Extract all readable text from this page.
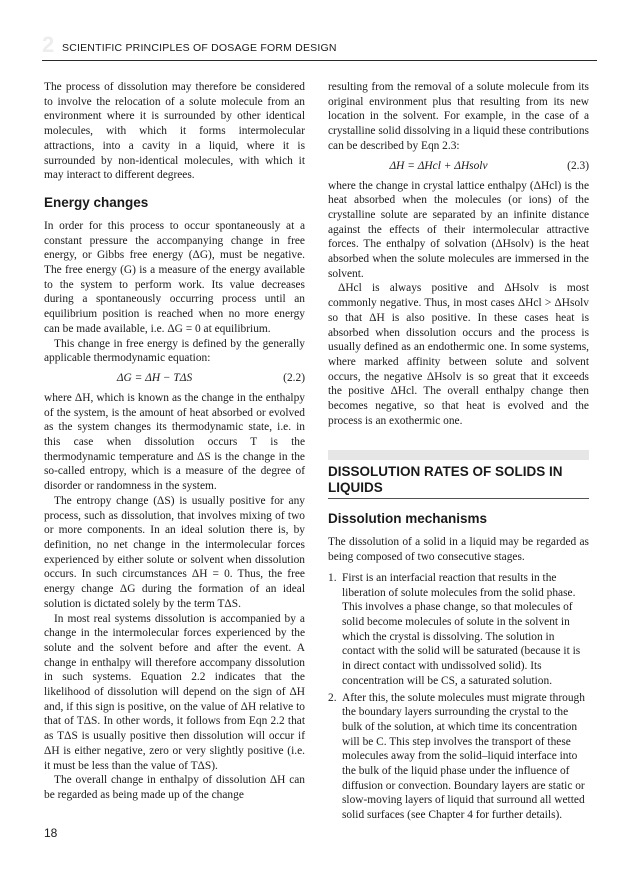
2 SCIENTIFIC PRINCIPLES OF DOSAGE FORM DESIGN

The process of dissolution may therefore be considered to involve the relocation of a solute molecule from an environment where it is surrounded by other identical molecules, with which it forms intermolecular attractions, into a cavity in a liquid, where it is surrounded by non-identical molecules, with which it may interact to different degrees.

Energy changes

In order for this process to occur spontaneously at a constant pressure the accompanying change in free energy, or Gibbs free energy (ΔG), must be negative. The free energy (G) is a measure of the energy available to the system to perform work. Its value decreases during a spontaneously occurring process until an equilibrium position is reached when no more energy can be made available, i.e. ΔG = 0 at equilibrium.

This change in free energy is defined by the generally applicable thermodynamic equation:

ΔG = ΔH − TΔS	(2.2)

where ΔH, which is known as the change in the enthalpy of the system, is the amount of heat absorbed or evolved as the system changes its thermodynamic state, i.e. in this case when dissolution occurs T is the thermodynamic temperature and ΔS is the change in the so-called entropy, which is a measure of the degree of disorder or randomness in the system.

The entropy change (ΔS) is usually positive for any process, such as dissolution, that involves mixing of two or more components. In an ideal solution there is, by definition, no net change in the intermolecular forces experienced by either solute or solvent when dissolution occurs. In such circumstances ΔH = 0. Thus, the free energy change ΔG during the formation of an ideal solution is dictated solely by the term TΔS.

In most real systems dissolution is accompanied by a change in the intermolecular forces experienced by the solute and the solvent before and after the event. A change in enthalpy will therefore accompany dissolution in such systems. Equation 2.2 indicates that the likelihood of dissolution will depend on the sign of ΔH and, if this sign is positive, on the value of ΔH relative to that of TΔS. In other words, it follows from Eqn 2.2 that as TΔS is usually positive then dissolution will occur if ΔH is either negative, zero or very slightly positive (i.e. it must be less than the value of TΔS).

The overall change in enthalpy of dissolution ΔH can be regarded as being made up of the change

resulting from the removal of a solute molecule from its original environment plus that resulting from its new location in the solvent. For example, in the case of a crystalline solid dissolving in a liquid these contributions can be described by Eqn 2.3:

ΔH = ΔHcl + ΔHsolv	(2.3)

where the change in crystal lattice enthalpy (ΔHcl) is the heat absorbed when the molecules (or ions) of the crystalline solute are separated by an infinite distance against the effects of their intermolecular attractive forces. The enthalpy of solvation (ΔHsolv) is the heat absorbed when the solute molecules are immersed in the solvent.

ΔHcl is always positive and ΔHsolv is most commonly negative. Thus, in most cases ΔHcl > ΔHsolv so that ΔH is also positive. In these cases heat is absorbed when dissolution occurs and the process is usually defined as an endothermic one. In some systems, where marked affinity between solute and solvent occurs, the negative ΔHsolv is so great that it exceeds the positive ΔHcl. The overall enthalpy change then becomes negative, so that heat is evolved and the process is an exothermic one.

DISSOLUTION RATES OF SOLIDS IN LIQUIDS
Dissolution mechanisms

The dissolution of a solid in a liquid may be regarded as being composed of two consecutive stages.

1. First is an interfacial reaction that results in the liberation of solute molecules from the solid phase. This involves a phase change, so that molecules of solid become molecules of solute in the solvent in which the crystal is dissolving. The solution in contact with the solid will be saturated (because it is in direct contact with undissolved solid). Its concentration will be CS, a saturated solution.
2. After this, the solute molecules must migrate through the boundary layers surrounding the crystal to the bulk of the solution, at which time its concentration will be C. This step involves the transport of these molecules away from the solid–liquid interface into the bulk of the liquid phase under the influence of diffusion or convection. Boundary layers are static or slow-moving layers of liquid that surround all wetted solid surfaces (see Chapter 4 for further details).
18
